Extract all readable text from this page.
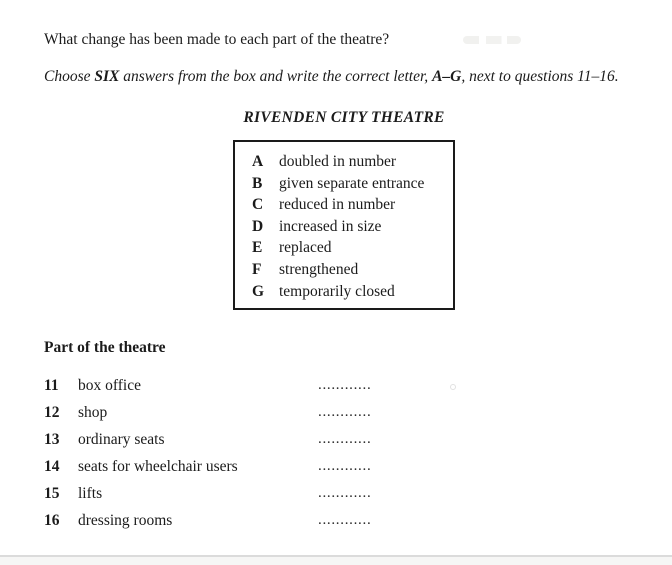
What change has been made to each part of the theatre?
Choose SIX answers from the box and write the correct letter, A–G, next to questions 11–16.
RIVENDEN CITY THEATRE
A	doubled in number
B	given separate entrance
C	reduced in number
D	increased in size
E	replaced
F	strengthened
G temporarily closed
Part of the theatre
11	box office	............
12	shop	............
13	ordinary seats	............
14	seats for wheelchair users	............
15	lifts	............
16	dressing rooms	............
